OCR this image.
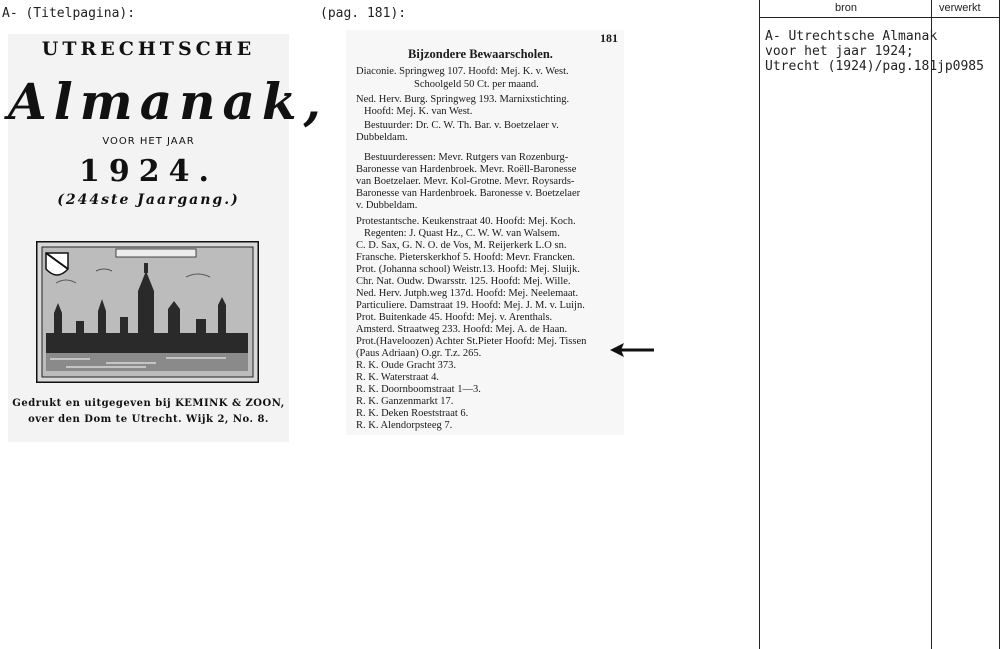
A- (Titelpagina):	(pag. 181):
UTRECHTSCHE
Almanak,
VOOR HET JAAR
1924.
(244ste Jaargang.)
Gedrukt en uitgegeven bij KEMINK & ZOON,
over den Dom te Utrecht. Wijk 2, No. 8.
181
Bijzondere Bewaarscholen.
Diaconie. Springweg 107. Hoofd: Mej. K. v. West.
Schoolgeld 50 Ct. per maand.
Ned. Herv. Burg. Springweg 193. Marnixstichting.
Hoofd: Mej. K. van West.
Bestuurder: Dr. C. W. Th. Bar. v. Boetzelaer v.
Dubbeldam.
Bestuurderessen: Mevr. Rutgers van Rozenburg-
Baronesse van Hardenbroek. Mevr. Roëll-Baronesse
van Boetzelaer. Mevr. Kol-Grotne. Mevr. Roysards-
Baronesse van Hardenbroek. Baronesse v. Boetzelaer
v. Dubbeldam.
Protestantsche. Keukenstraat 40. Hoofd: Mej. Koch.
Regenten: J. Quast Hz., C. W. W. van Walsem.
C. D. Sax, G. N. O. de Vos, M. Reijerkerk L.O sn.
Fransche. Pieterskerkhof 5. Hoofd: Mevr. Francken.
Prot. (Johanna school) Weistr.13. Hoofd: Mej. Sluijk.
Chr. Nat. Oudw. Dwarsstr. 125. Hoofd: Mej. Wille.
Ned. Herv. Jutph.weg 137d. Hoofd: Mej. Neelemaat.
Particuliere. Damstraat 19. Hoofd: Mej. J. M. v. Luijn.
Prot. Buitenkade 45. Hoofd: Mej. v. Arenthals.
Amsterd. Straatweg 233. Hoofd: Mej. A. de Haan.
Prot.(Haveloozen) Achter St.Pieter Hoofd: Mej. Tissen
(Paus Adriaan) O.gr. T.z. 265.
R. K. Oude Gracht 373.
R. K. Waterstraat 4.
R. K. Doornboomstraat 1—3.
R. K. Ganzenmarkt 17.
R. K. Deken Roeststraat 6.
R. K. Alendorpsteeg 7.
bron	verwerkt
A- Utrechtsche Almanak
voor het jaar 1924;
Utrecht (1924)/pag.181 jp0985
